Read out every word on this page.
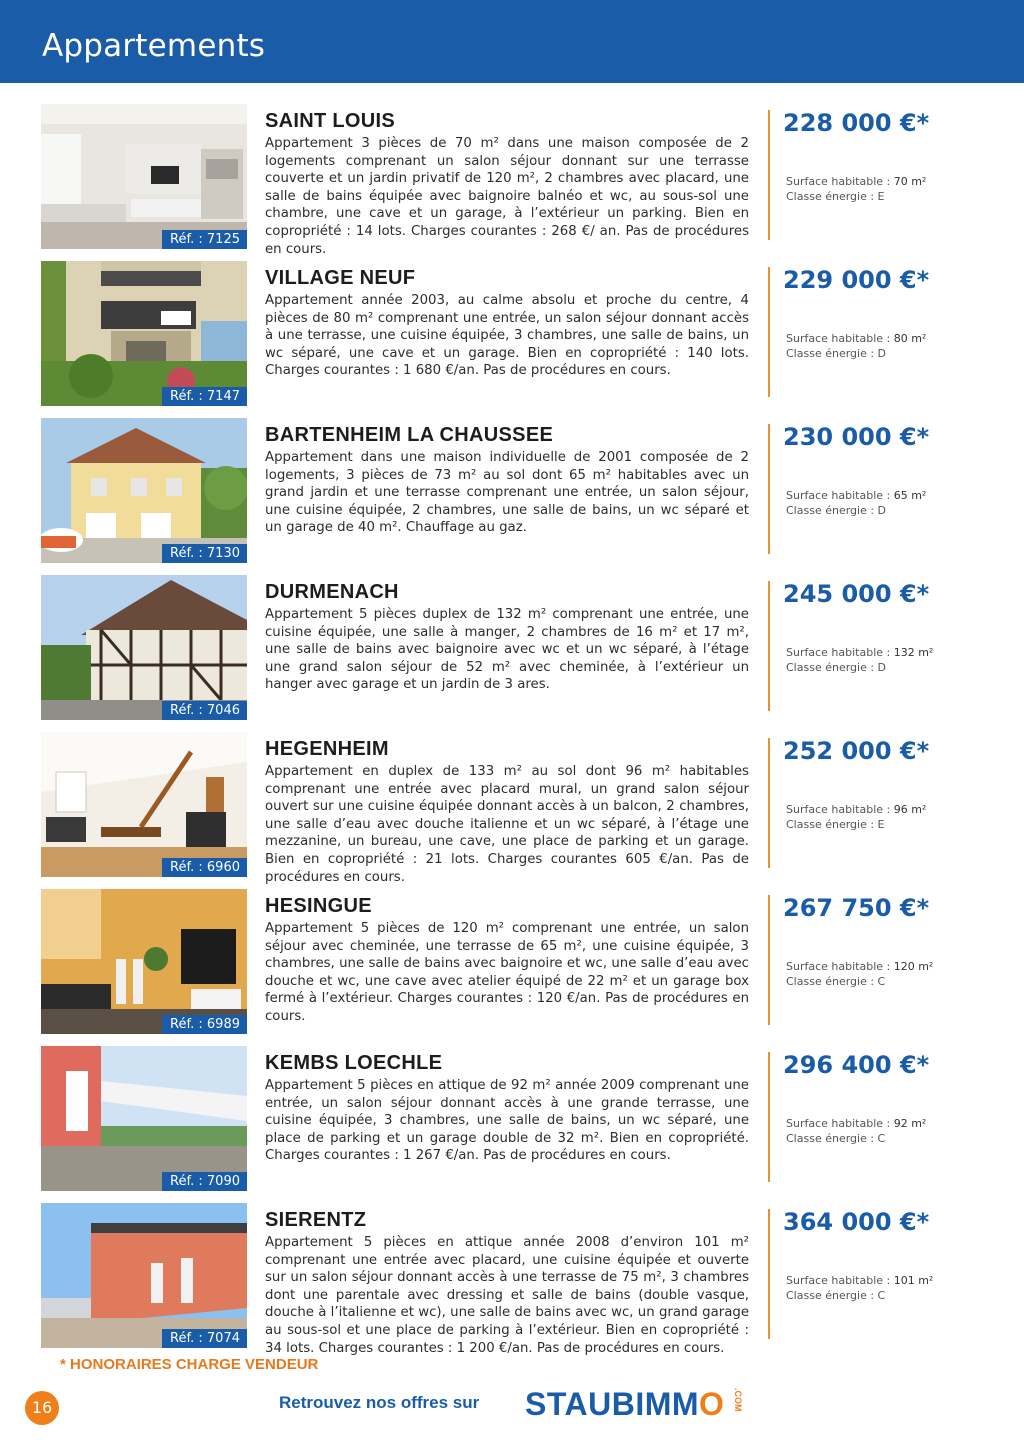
Appartements
Réf. : 7125
SAINT LOUIS

Appartement 3 pièces de 70 m² dans une maison composée de 2 logements comprenant un salon séjour donnant sur une terrasse couverte et un jardin privatif de 120 m², 2 chambres avec placard, une salle de bains équipée avec baignoire balnéo et wc, au sous-sol une chambre, une cave et un garage, à l’extérieur un parking. Bien en copropriété : 14 lots. Charges courantes : 268 €/ an. Pas de procédures en cours.

228 000 €*
Surface habitable : 70 m²
Classe énergie : E
Réf. : 7147
VILLAGE NEUF

Appartement année 2003, au calme absolu et proche du centre, 4 pièces de 80 m² comprenant une entrée, un salon séjour donnant accès à une terrasse, une cuisine équipée, 3 chambres, une salle de bains, un wc séparé, une cave et un garage. Bien en copropriété : 140 lots. Charges courantes : 1 680 €/an. Pas de procédures en cours.

229 000 €*
Surface habitable : 80 m²
Classe énergie : D
Réf. : 7130
BARTENHEIM LA CHAUSSEE

Appartement dans une maison individuelle de 2001 composée de 2 logements, 3 pièces de 73 m² au sol dont 65 m² habitables avec un grand jardin et une terrasse comprenant une entrée, un salon séjour, une cuisine équipée, 2 chambres, une salle de bains, un wc séparé et un garage de 40 m². Chauffage au gaz.

230 000 €*
Surface habitable : 65 m²
Classe énergie : D
Réf. : 7046
DURMENACH

Appartement 5 pièces duplex de 132 m² comprenant une entrée, une cuisine équipée, une salle à manger, 2 chambres de 16 m² et 17 m², une salle de bains avec baignoire avec wc et un wc séparé, à l’étage une grand salon séjour de 52 m² avec cheminée, à l’extérieur un hanger avec garage et un jardin de 3 ares.

245 000 €*
Surface habitable : 132 m²
Classe énergie : D
Réf. : 6960
HEGENHEIM

Appartement en duplex de 133 m² au sol dont 96 m² habitables comprenant une entrée avec placard mural, un grand salon séjour ouvert sur une cuisine équipée donnant accès à un balcon, 2 chambres, une salle d’eau avec douche italienne et un wc séparé, à l’étage une mezzanine, un bureau, une cave, une place de parking et un garage. Bien en copropriété : 21 lots. Charges courantes 605 €/an. Pas de procédures en cours.

252 000 €*
Surface habitable : 96 m²
Classe énergie : E
Réf. : 6989
HESINGUE

Appartement 5 pièces de 120 m² comprenant une entrée, un salon séjour avec cheminée, une terrasse de 65 m², une cuisine équipée, 3 chambres, une salle de bains avec baignoire et wc, une salle d’eau avec douche et wc, une cave avec atelier équipé de 22 m² et un garage box fermé à l’extérieur. Charges courantes : 120 €/an. Pas de procédures en cours.

267 750 €*
Surface habitable : 120 m²
Classe énergie : C
Réf. : 7090
KEMBS LOECHLE

Appartement 5 pièces en attique de 92 m² année 2009 comprenant une entrée, un salon séjour donnant accès à une grande terrasse, une cuisine équipée, 3 chambres, une salle de bains, un wc séparé, une place de parking et un garage double de 32 m². Bien en copropriété. Charges courantes : 1 267 €/an. Pas de procédures en cours.

296 400 €*
Surface habitable : 92 m²
Classe énergie : C
Réf. : 7074
SIERENTZ

Appartement 5 pièces en attique année 2008 d’environ 101 m² comprenant une entrée avec placard, une cuisine équipée et ouverte sur un salon séjour donnant accès à une terrasse de 75 m², 3 chambres dont une parentale avec dressing et salle de bains (double vasque, douche à l’italienne et wc), une salle de bains avec wc, un grand garage au sous-sol et une place de parking à l’extérieur. Bien en copropriété : 34 lots. Charges courantes : 1 200 €/an. Pas de procédures en cours.

364 000 €*
Surface habitable : 101 m²
Classe énergie : C
* HONORAIRES CHARGE VENDEUR
16	Retrouvez nos offres sur STAUBIMMO .COM
